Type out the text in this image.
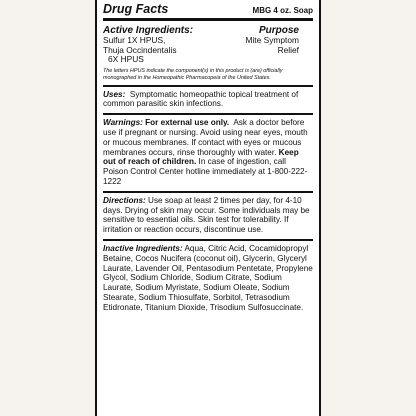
Drug Facts	MBG 4 oz. Soap
Active Ingredients:	Purpose
Sulfur 1X HPUS,
Thuja Occindentalis
6X HPUS
Mite Symptom
Relief
The letters HPUS indicate the component(s) in this product is (are) officially monographed in the Homeopathic Pharmacopeia of the United States.

Uses: Symptomatic homeopathic topical treatment of common parasitic skin infections.

Warnings: For external use only. Ask a doctor before use if pregnant or nursing. Avoid using near eyes, mouth or mucous membranes. If contact with eyes or mucous membranes occurs, rinse thoroughly with water. Keep out of reach of children. In case of ingestion, call Poison Control Center hotline immediately at 1-800-222-1222

Directions: Use soap at least 2 times per day, for 4-10 days. Drying of skin may occur. Some individuals may be sensitive to essential oils. Skin test for tolerability. If irritation or reaction occurs, discontinue use.

Inactive Ingredients: Aqua, Citric Acid, Cocamidopropyl Betaine, Cocos Nucifera (coconut oil), Glycerin, Glyceryl Laurate, Lavender Oil, Pentasodium Pentetate, Propylene Glycol, Sodium Chloride, Sodium Citrate, Sodium Laurate, Sodium Myristate, Sodium Oleate, Sodium Stearate, Sodium Thiosulfate, Sorbitol, Tetrasodium Etidronate, Titanium Dioxide, Trisodium Sulfosuccinate.
